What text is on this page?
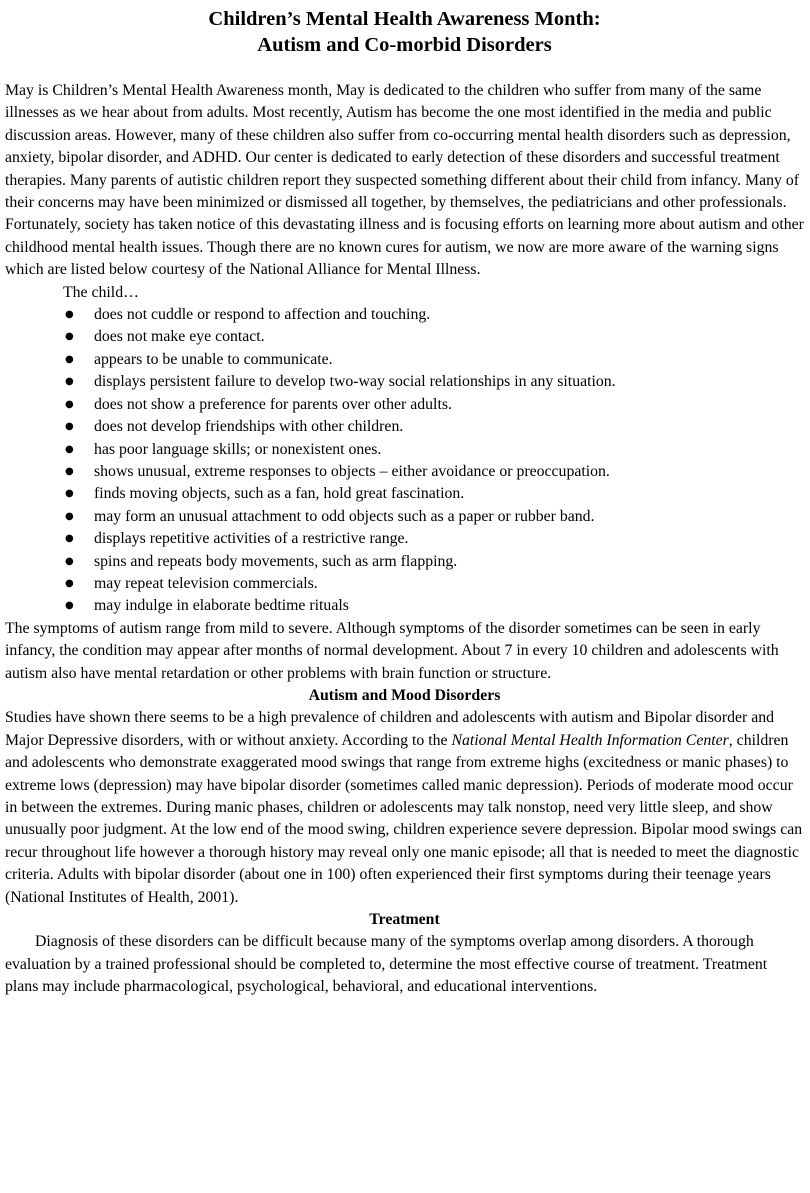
Children’s Mental Health Awareness Month:
Autism and Co-morbid Disorders

May is Children’s Mental Health Awareness month, May is dedicated to the children who suffer from many of the same illnesses as we hear about from adults. Most recently, Autism has become the one most identified in the media and public discussion areas. However, many of these children also suffer from co-occurring mental health disorders such as depression, anxiety, bipolar disorder, and ADHD. Our center is dedicated to early detection of these disorders and successful treatment therapies. Many parents of autistic children report they suspected something different about their child from infancy. Many of their concerns may have been minimized or dismissed all together, by themselves, the pediatricians and other professionals. Fortunately, society has taken notice of this devastating illness and is focusing efforts on learning more about autism and other childhood mental health issues. Though there are no known cures for autism, we now are more aware of the warning signs which are listed below courtesy of the National Alliance for Mental Illness.

The child…

● does not cuddle or respond to affection and touching.
● does not make eye contact.
● appears to be unable to communicate.
● displays persistent failure to develop two-way social relationships in any situation.
● does not show a preference for parents over other adults.
● does not develop friendships with other children.
● has poor language skills; or nonexistent ones.
● shows unusual, extreme responses to objects – either avoidance or preoccupation.
● finds moving objects, such as a fan, hold great fascination.
● may form an unusual attachment to odd objects such as a paper or rubber band.
● displays repetitive activities of a restrictive range.
● spins and repeats body movements, such as arm flapping.
● may repeat television commercials.
● may indulge in elaborate bedtime rituals

The symptoms of autism range from mild to severe. Although symptoms of the disorder sometimes can be seen in early infancy, the condition may appear after months of normal development. About 7 in every 10 children and adolescents with autism also have mental retardation or other problems with brain function or structure.

Autism and Mood Disorders

Studies have shown there seems to be a high prevalence of children and adolescents with autism and Bipolar disorder and Major Depressive disorders, with or without anxiety. According to the National Mental Health Information Center, children and adolescents who demonstrate exaggerated mood swings that range from extreme highs (excitedness or manic phases) to extreme lows (depression) may have bipolar disorder (sometimes called manic depression). Periods of moderate mood occur in between the extremes. During manic phases, children or adolescents may talk nonstop, need very little sleep, and show unusually poor judgment. At the low end of the mood swing, children experience severe depression. Bipolar mood swings can recur throughout life however a thorough history may reveal only one manic episode; all that is needed to meet the diagnostic criteria. Adults with bipolar disorder (about one in 100) often experienced their first symptoms during their teenage years (National Institutes of Health, 2001).

Treatment

Diagnosis of these disorders can be difficult because many of the symptoms overlap among disorders. A thorough evaluation by a trained professional should be completed to, determine the most effective course of treatment. Treatment plans may include pharmacological, psychological, behavioral, and educational interventions.
